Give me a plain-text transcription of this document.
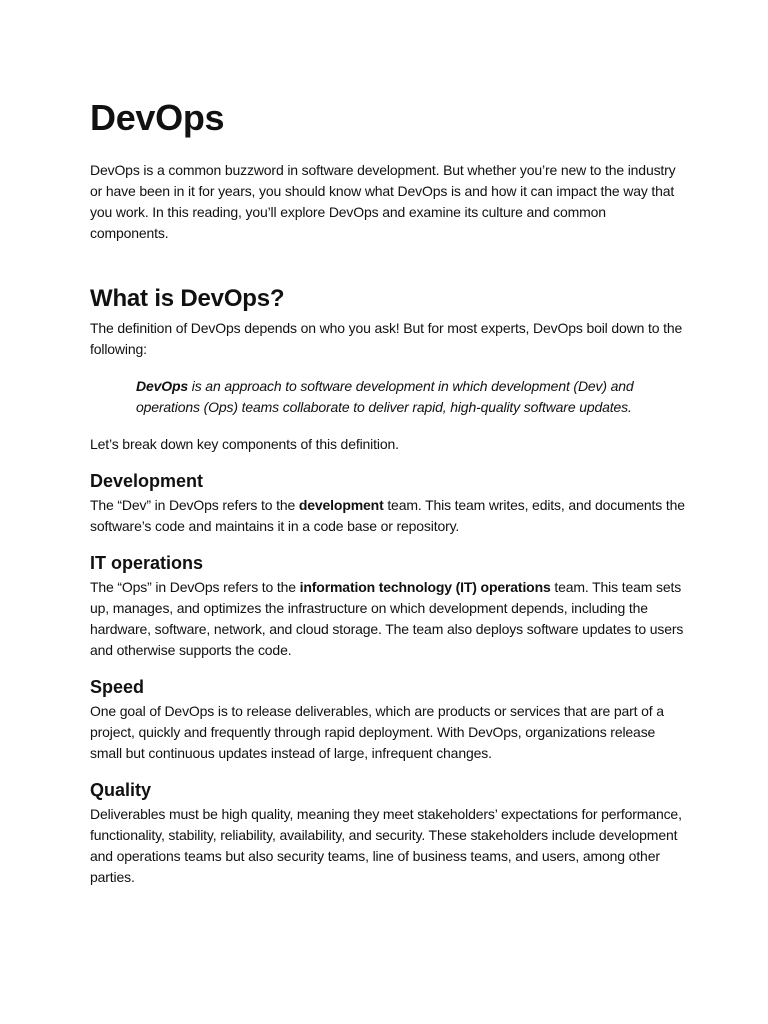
DevOps

DevOps is a common buzzword in software development. But whether you’re new to the industry or have been in it for years, you should know what DevOps is and how it can impact the way that you work. In this reading, you’ll explore DevOps and examine its culture and common components.

What is DevOps?

The definition of DevOps depends on who you ask! But for most experts, DevOps boil down to the following:

DevOps is an approach to software development in which development (Dev) and operations (Ops) teams collaborate to deliver rapid, high-quality software updates.

Let’s break down key components of this definition.

Development

The “Dev” in DevOps refers to the development team. This team writes, edits, and documents the software’s code and maintains it in a code base or repository.

IT operations

The “Ops” in DevOps refers to the information technology (IT) operations team. This team sets up, manages, and optimizes the infrastructure on which development depends, including the hardware, software, network, and cloud storage. The team also deploys software updates to users and otherwise supports the code.

Speed

One goal of DevOps is to release deliverables, which are products or services that are part of a project, quickly and frequently through rapid deployment. With DevOps, organizations release small but continuous updates instead of large, infrequent changes.

Quality

Deliverables must be high quality, meaning they meet stakeholders’ expectations for performance, functionality, stability, reliability, availability, and security. These stakeholders include development and operations teams but also security teams, line of business teams, and users, among other parties.
